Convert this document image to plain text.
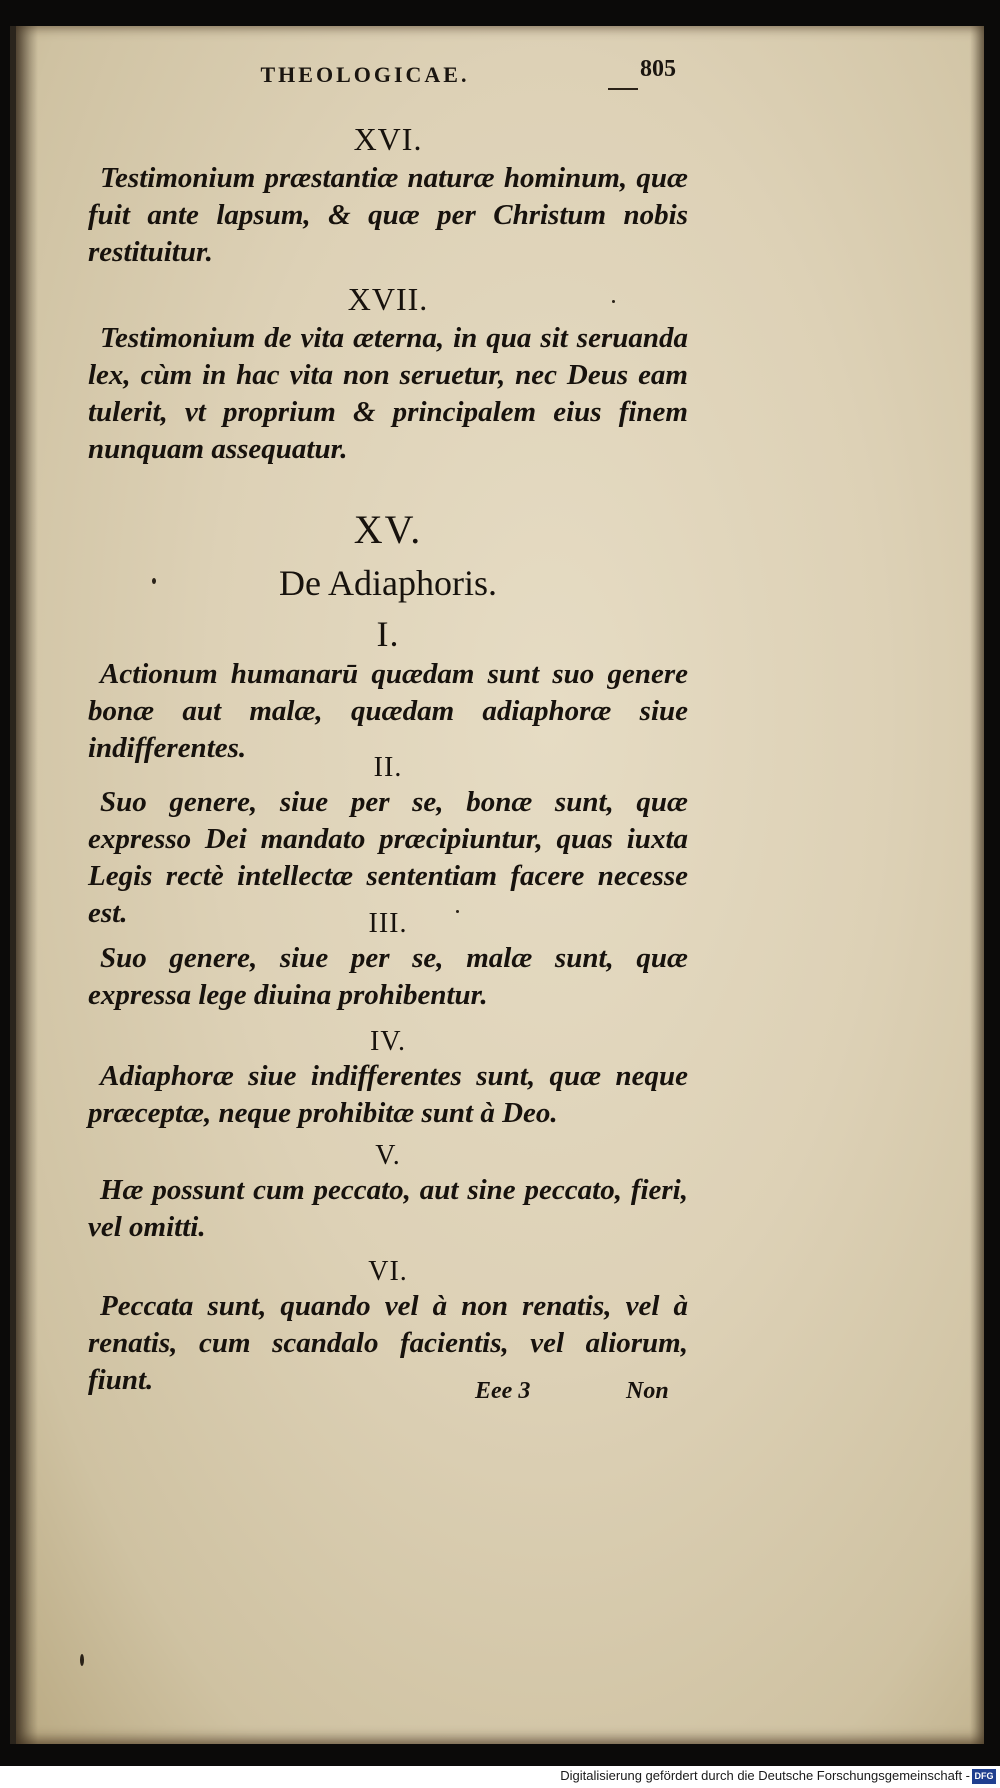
THEOLOGICAE.	805
XVI.
Testimonium præstantiæ naturæ hominum, quæ fuit ante lapsum, & quæ per Christum nobis restituitur.
XVII.
Testimonium de vita æterna, in qua sit seruanda lex, cùm in hac vita non seruetur, nec Deus eam tulerit, vt proprium & principalem eius finem nunquam assequatur.
XV.
De Adiaphoris.
I.
Actionum humanarū quædam sunt suo genere bonæ aut malæ, quædam adiaphoræ siue indifferentes.
II.
Suo genere, siue per se, bonæ sunt, quæ expresso Dei mandato præcipiuntur, quas iuxta Legis rectè intellectæ sententiam facere necesse est.	III.
Suo genere, siue per se, malæ sunt, quæ expressa lege diuina prohibentur.
IV.
Adiaphoræ siue indifferentes sunt, quæ neque præceptæ, neque prohibitæ sunt à Deo.
V.
Hæ possunt cum peccato, aut sine peccato, fieri, vel omitti.
VI.
Peccata sunt, quando vel à non renatis, vel à renatis, cum scandalo facientis, vel aliorum, fiunt.	Eee 3	Non
Digitalisierung gefördert durch die Deutsche Forschungsgemeinschaft - DFG
